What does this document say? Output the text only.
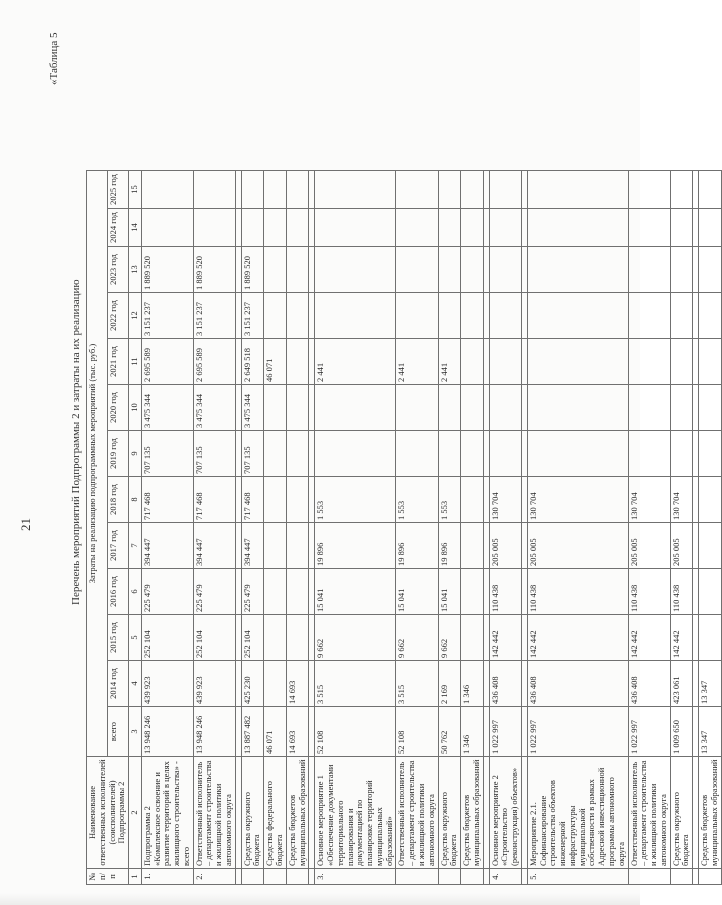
21
«Таблица 5
Перечень мероприятий Подпрограммы 2 и затраты на их реализацию
№ п/п	Наименование ответственных исполнителей (соисполнителей) Подпрограммы 2	Затраты на реализацию подпрограммных мероприятий (тыс. руб.)												
		всего	2014 год	2015 год	2016 год	2017 год	2018 год	2019 год	2020 год	2021 год	2022 год	2023 год	2024 год	2025 год
1	2	3	4	5	6	7	8	9	10	11	12	13	14	15
1.	Подпрограмма 2 «Комплексное освоение и развитие территорий в целях жилищного строительства» - всего	13 948 246	439 923	252 104	225 479	394 447	717 468	707 135	3 475 344	2 695 589	3 151 237	1 889 520		
2.	Ответственный исполнитель – департамент строительства и жилищной политики автономного округа	13 948 246	439 923	252 104	225 479	394 447	717 468	707 135	3 475 344	2 695 589	3 151 237	1 889 520		

	Средства окружного бюджета	13 887 482	425 230	252 104	225 479	394 447	717 468	707 135	3 475 344	2 649 518	3 151 237	1 889 520		
	Средства федерального бюджета	46 071								46 071				
	Средства бюджетов муниципальных образований	14 693	14 693											

3.	Основное мероприятие 1 «Обеспечение документами территориального планирования и документацией по планировке территорий муниципальных образований»	52 108	3 515	9 662	15 041	19 896	1 553			2 441				
	Ответственный исполнитель – департамент строительства и жилищной политики автономного округа	52 108	3 515	9 662	15 041	19 896	1 553			2 441				
	Средства окружного бюджета	50 762	2 169	9 662	15 041	19 896	1 553			2 441				
	Средства бюджетов муниципальных образований	1 346	1 346											

4.	Основное мероприятие 2 «Строительство (реконструкция) объектов»	1 022 997	436 408	142 442	110 438	205 005	130 704							

5.	Мероприятие 2.1. Софинансирование строительства объектов инженерной инфраструктуры муниципальной собственности в рамках Адресной инвестиционной программы автономного округа	1 022 997	436 408	142 442	110 438	205 005	130 704							
	Ответственный исполнитель – департамент строительства и жилищной политики автономного округа	1 022 997	436 408	142 442	110 438	205 005	130 704							
	Средства окружного бюджета	1 009 650	423 061	142 442	110 438	205 005	130 704							

	Средства бюджетов муниципальных образований	13 347	13 347											
